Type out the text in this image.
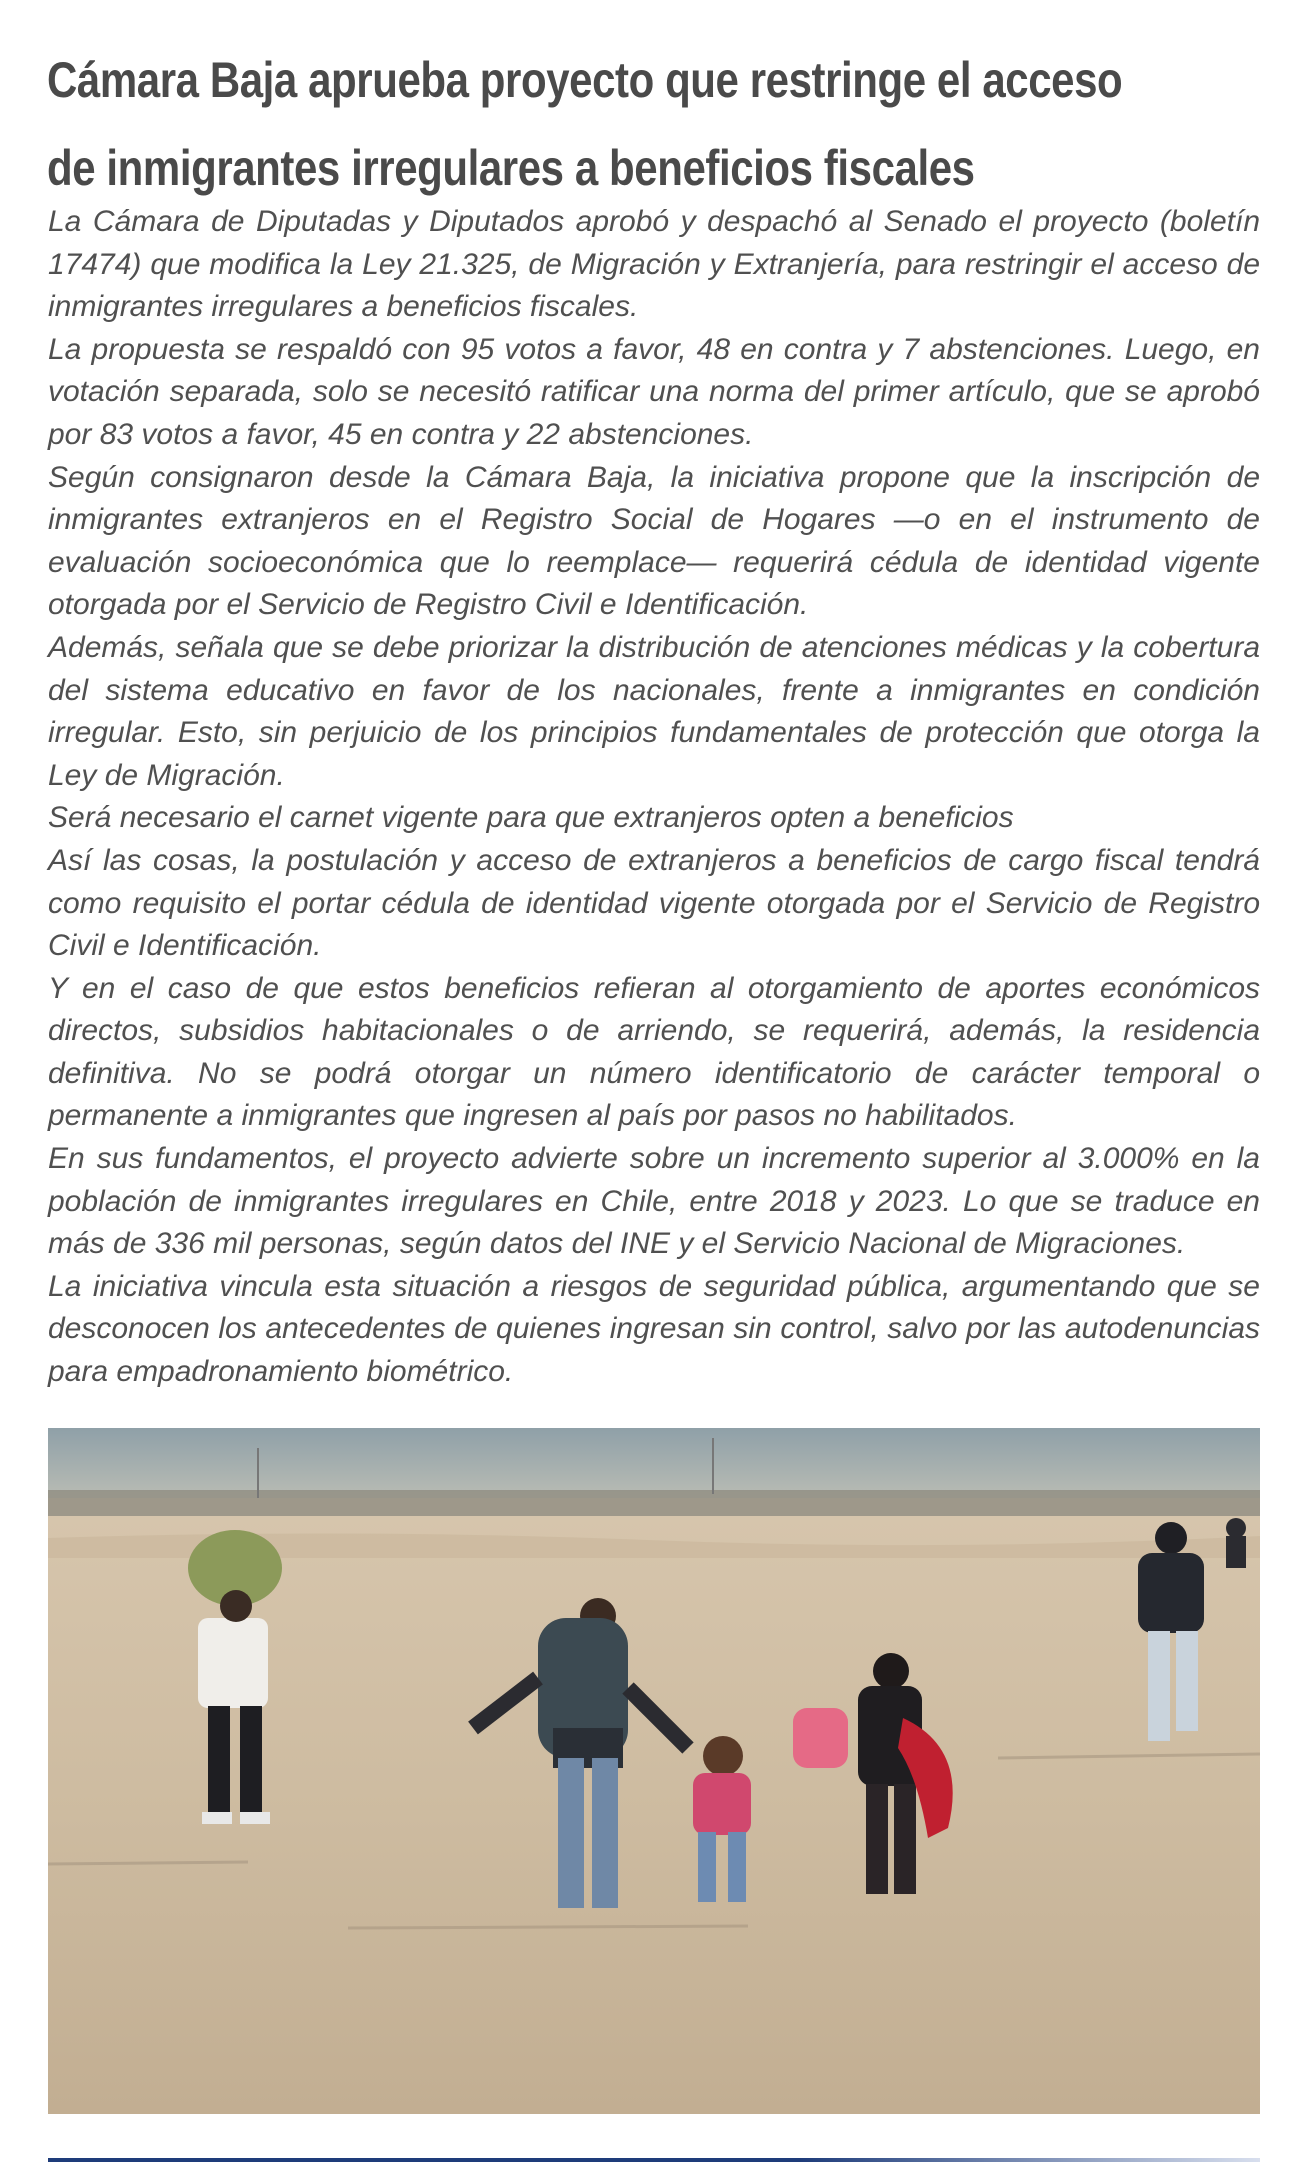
Cámara Baja aprueba proyecto que restringe el acceso
de inmigrantes irregulares a beneficios fiscales

La Cámara de Diputadas y Diputados aprobó y despachó al Senado el proyecto (boletín 17474) que modifica la Ley 21.325, de Migración y Extranjería, para restringir el acceso de inmigrantes irregulares a beneficios fiscales.

La propuesta se respaldó con 95 votos a favor, 48 en contra y 7 abstenciones. Luego, en votación separada, solo se necesitó ratificar una norma del primer artículo, que se aprobó por 83 votos a favor, 45 en contra y 22 abstenciones.

Según consignaron desde la Cámara Baja, la iniciativa propone que la inscripción de inmigrantes extranjeros en el Registro Social de Hogares —o en el instrumento de evaluación socioeconómica que lo reemplace— requerirá cédula de identidad vigente otorgada por el Servicio de Registro Civil e Identificación.

Además, señala que se debe priorizar la distribución de atenciones médicas y la cobertura del sistema educativo en favor de los nacionales, frente a inmigrantes en condición irregular. Esto, sin perjuicio de los principios fundamentales de protección que otorga la Ley de Migración.

Será necesario el carnet vigente para que extranjeros opten a beneficios

Así las cosas, la postulación y acceso de extranjeros a beneficios de cargo fiscal tendrá como requisito el portar cédula de identidad vigente otorgada por el Servicio de Registro Civil e Identificación.

Y en el caso de que estos beneficios refieran al otorgamiento de aportes económicos directos, subsidios habitacionales o de arriendo, se requerirá, además, la residencia definitiva. No se podrá otorgar un número identificatorio de carácter temporal o permanente a inmigrantes que ingresen al país por pasos no habilitados.

En sus fundamentos, el proyecto advierte sobre un incremento superior al 3.000% en la población de inmigrantes irregulares en Chile, entre 2018 y 2023. Lo que se traduce en más de 336 mil personas, según datos del INE y el Servicio Nacional de Migraciones.

La iniciativa vincula esta situación a riesgos de seguridad pública, argumentando que se desconocen los antecedentes de quienes ingresan sin control, salvo por las autodenuncias para empadronamiento biométrico.
